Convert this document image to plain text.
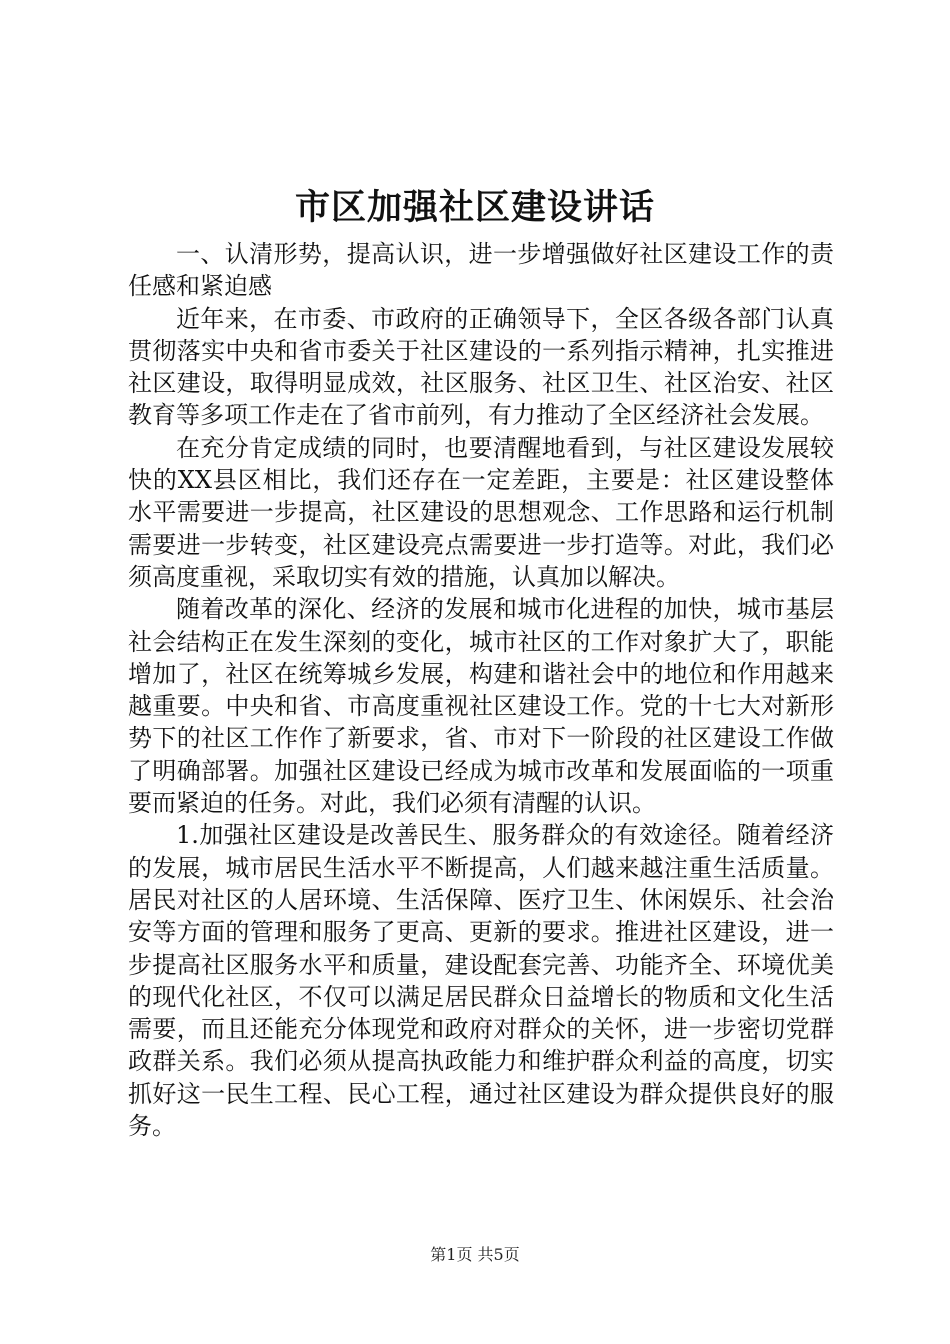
市区加强社区建设讲话

一、认清形势，提高认识，进一步增强做好社区建设工作的责任感和紧迫感

近年来，在市委、市政府的正确领导下，全区各级各部门认真贯彻落实中央和省市委关于社区建设的一系列指示精神，扎实推进社区建设，取得明显成效，社区服务、社区卫生、社区治安、社区教育等多项工作走在了省市前列，有力推动了全区经济社会发展。

在充分肯定成绩的同时，也要清醒地看到，与社区建设发展较快的XX县区相比，我们还存在一定差距，主要是：社区建设整体水平需要进一步提高，社区建设的思想观念、工作思路和运行机制需要进一步转变，社区建设亮点需要进一步打造等。对此，我们必须高度重视，采取切实有效的措施，认真加以解决。

随着改革的深化、经济的发展和城市化进程的加快，城市基层社会结构正在发生深刻的变化，城市社区的工作对象扩大了，职能增加了，社区在统筹城乡发展，构建和谐社会中的地位和作用越来越重要。中央和省、市高度重视社区建设工作。党的十七大对新形势下的社区工作作了新要求，省、市对下一阶段的社区建设工作做了明确部署。加强社区建设已经成为城市改革和发展面临的一项重要而紧迫的任务。对此，我们必须有清醒的认识。

1.加强社区建设是改善民生、服务群众的有效途径。随着经济的发展，城市居民生活水平不断提高，人们越来越注重生活质量。居民对社区的人居环境、生活保障、医疗卫生、休闲娱乐、社会治安等方面的管理和服务了更高、更新的要求。推进社区建设，进一步提高社区服务水平和质量，建设配套完善、功能齐全、环境优美的现代化社区，不仅可以满足居民群众日益增长的物质和文化生活需要，而且还能充分体现党和政府对群众的关怀，进一步密切党群政群关系。我们必须从提高执政能力和维护群众利益的高度，切实抓好这一民生工程、民心工程，通过社区建设为群众提供良好的服务。

第1页 共5页
